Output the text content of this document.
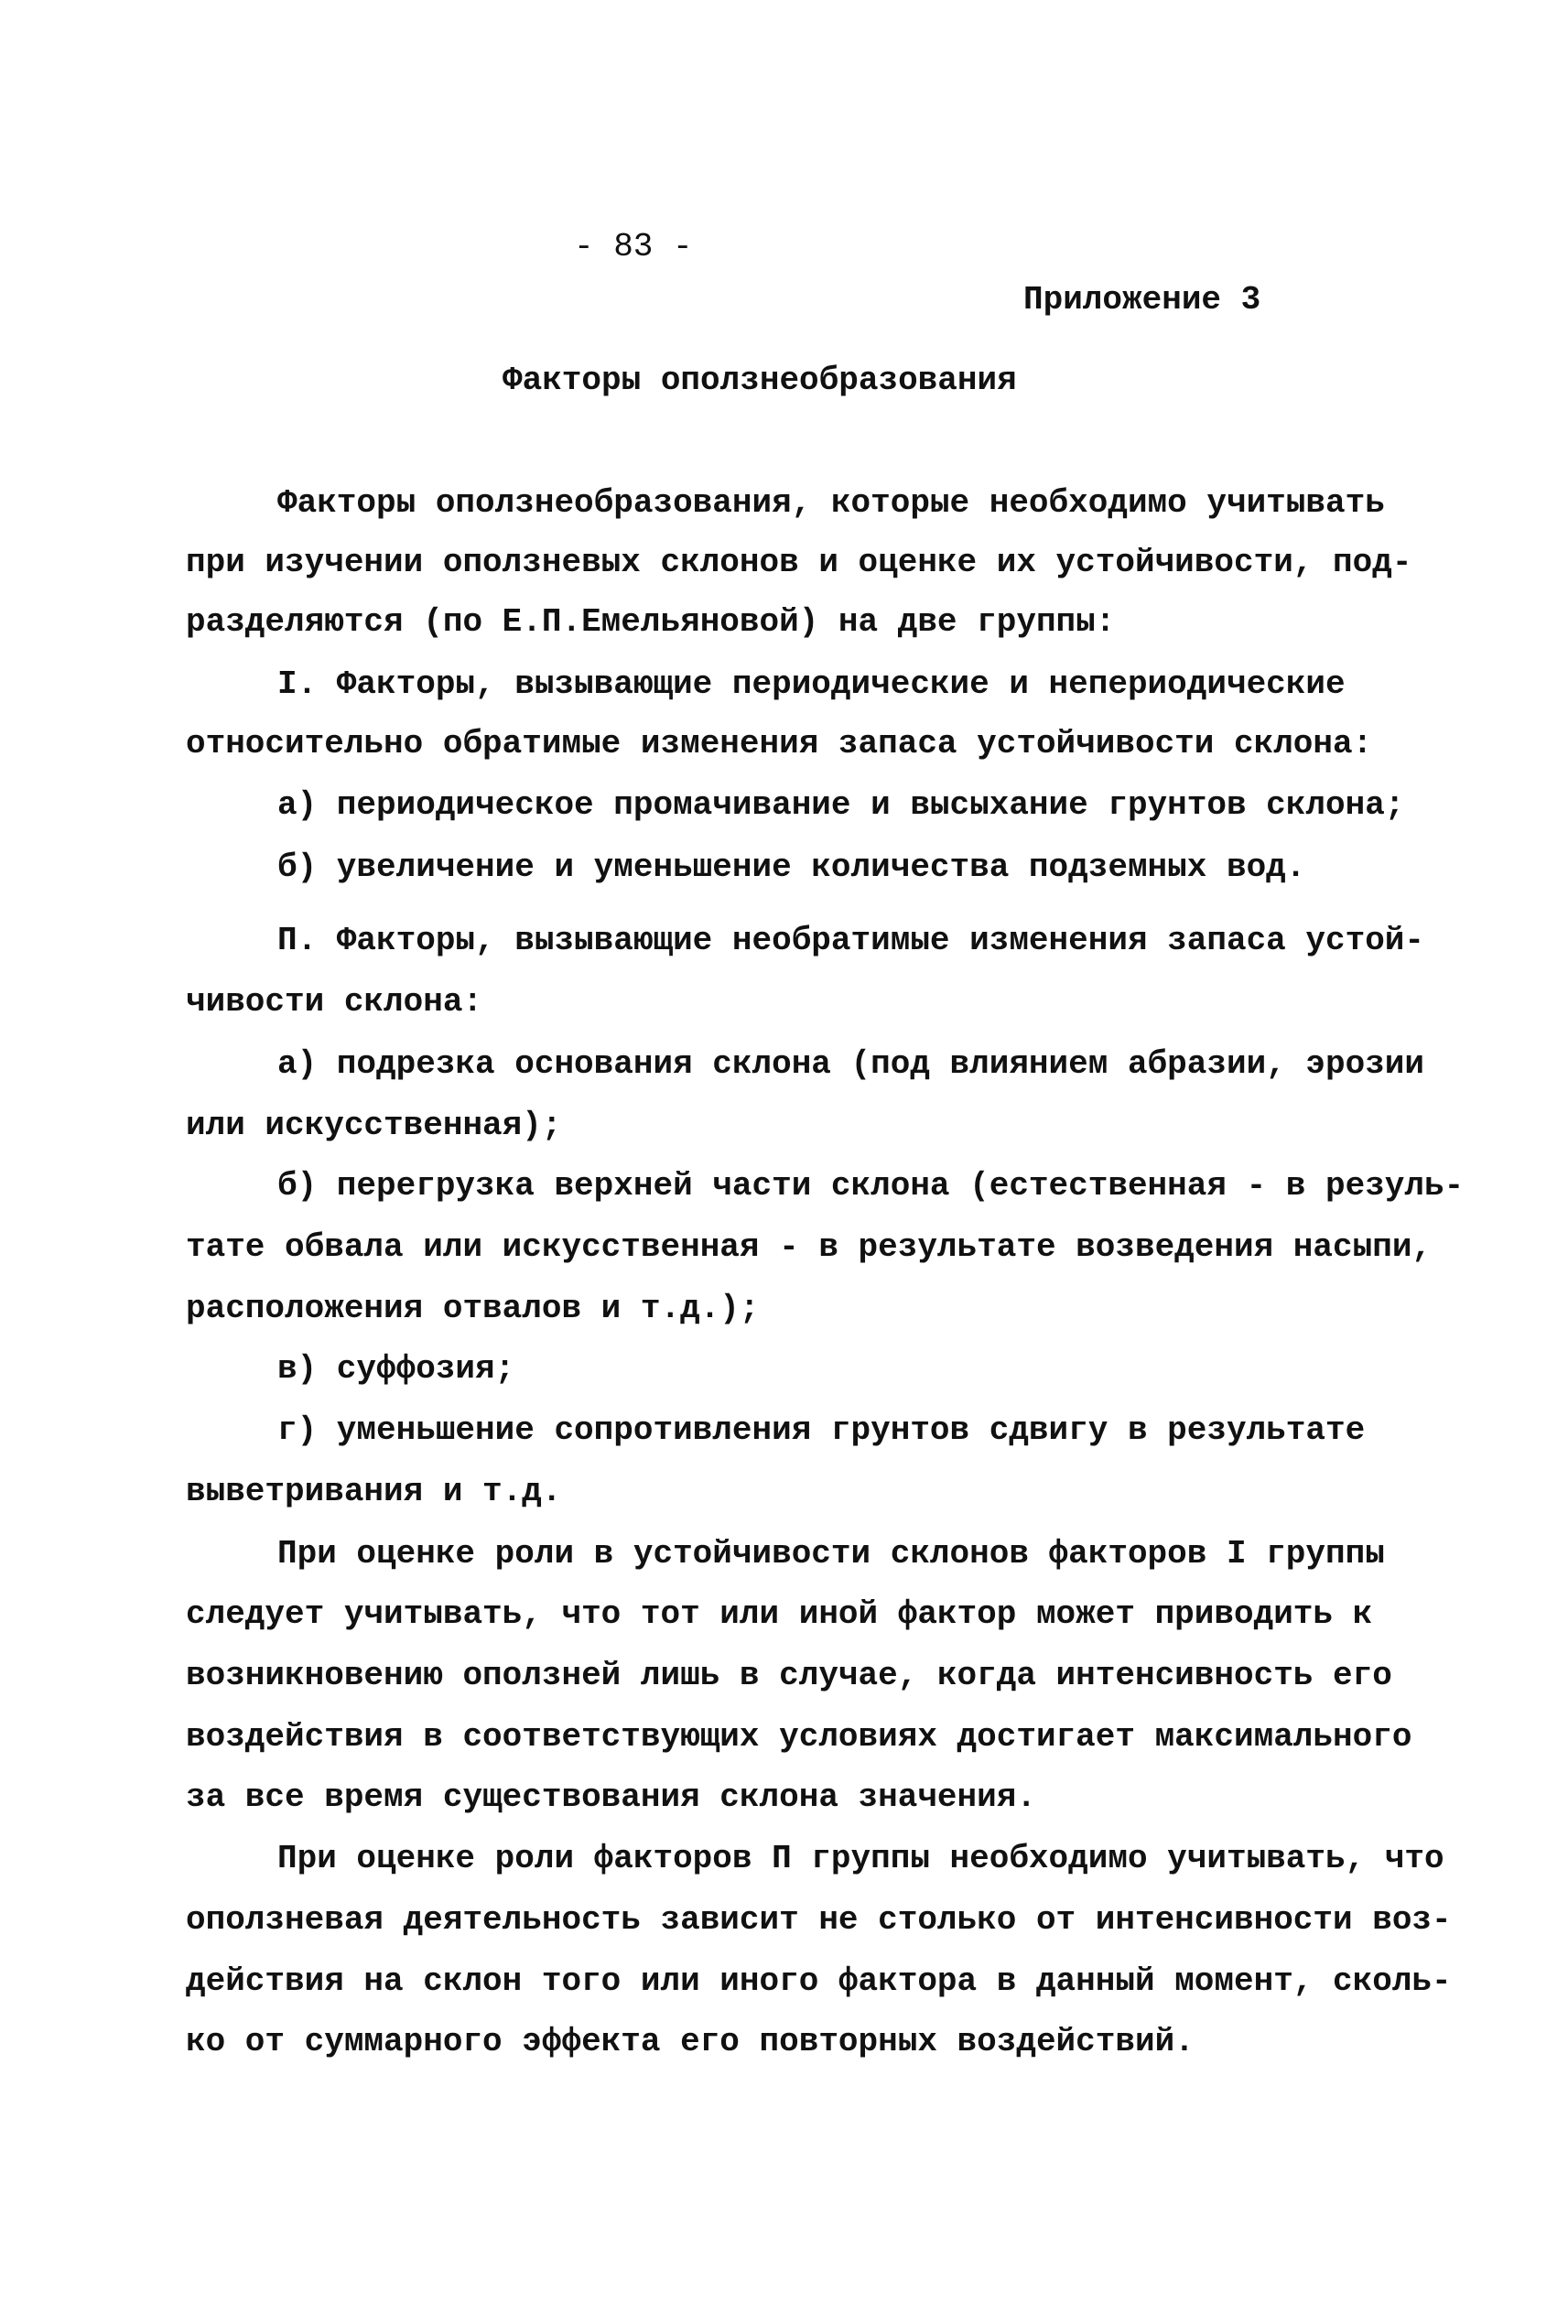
- 83 -
Приложение 3
Факторы оползнеобразования
Факторы оползнеобразования, которые необходимо учитывать
при изучении оползневых склонов и оценке их устойчивости, под-
разделяются (по Е.П.Емельяновой) на две группы:
I. Факторы, вызывающие периодические и непериодические
относительно обратимые изменения запаса устойчивости склона:
а) периодическое промачивание и высыхание грунтов склона;
б) увеличение и уменьшение количества подземных вод.
П. Факторы, вызывающие необратимые изменения запаса устой-
чивости склона:
а) подрезка основания склона (под влиянием абразии, эрозии
или искусственная);
б) перегрузка верхней части склона (естественная - в резуль-
тате обвала или искусственная - в результате возведения насыпи,
расположения отвалов и т.д.);
в) суффозия;
г) уменьшение сопротивления грунтов сдвигу в результате
выветривания и т.д.
При оценке роли в устойчивости склонов факторов I группы
следует учитывать, что тот или иной фактор может приводить к
возникновению оползней лишь в случае, когда интенсивность его
воздействия в соответствующих условиях достигает максимального
за все время существования склона значения.
При оценке роли факторов П группы необходимо учитывать, что
оползневая деятельность зависит не столько от интенсивности воз-
действия на склон того или иного фактора в данный момент, сколь-
ко от суммарного эффекта его повторных воздействий.
